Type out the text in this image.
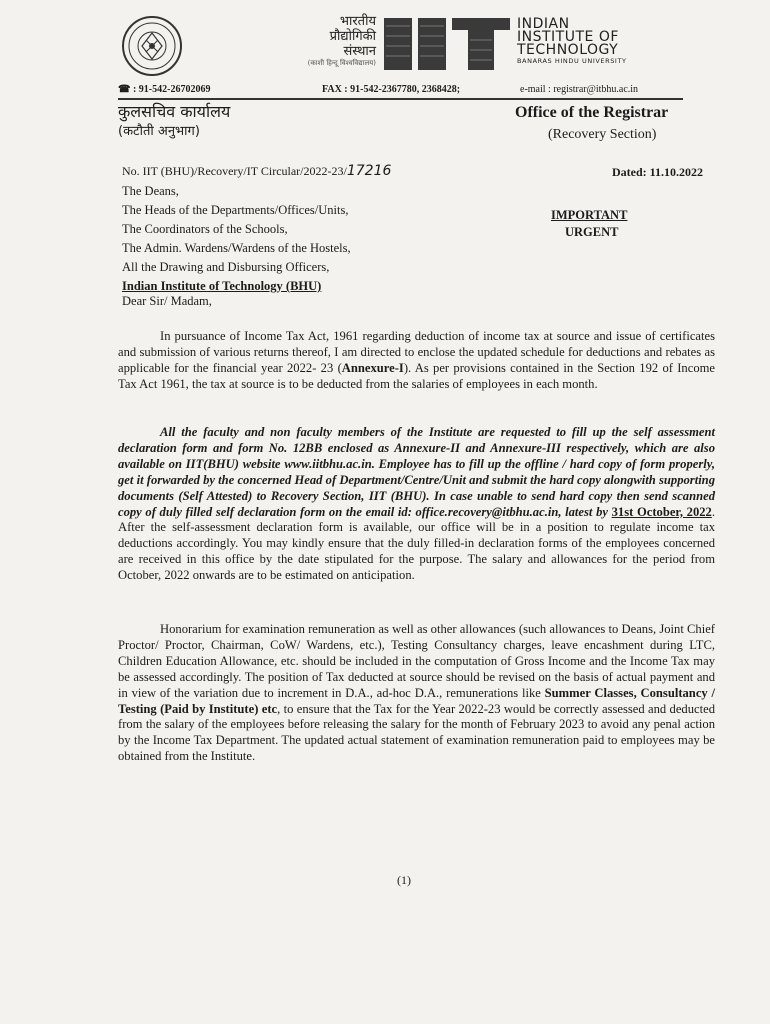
भारतीय
प्रौद्योगिकी
संस्थान
(काशी हिन्दू विश्वविद्यालय)
INDIAN
INSTITUTE OF
TECHNOLOGY
BANARAS HINDU UNIVERSITY
☎ : 91-542-26702069	FAX : 91-542-2367780, 2368428;	e-mail : registrar@itbhu.ac.in
कुलसचिव कार्यालय
(कटौती अनुभाग)
Office of the Registrar
(Recovery Section)
No. IIT (BHU)/Recovery/IT Circular/2022-23/17216	Dated: 11.10.2022
The Deans,
The Heads of the Departments/Offices/Units,
The Coordinators of the Schools,
The Admin. Wardens/Wardens of the Hostels,
All the Drawing and Disbursing Officers,
Indian Institute of Technology (BHU)
IMPORTANT
URGENT
Dear Sir/ Madam,

In pursuance of Income Tax Act, 1961 regarding deduction of income tax at source and issue of certificates and submission of various returns thereof, I am directed to enclose the updated schedule for deductions and rebates as applicable for the financial year 2022- 23 (Annexure-I). As per provisions contained in the Section 192 of Income Tax Act 1961, the tax at source is to be deducted from the salaries of employees in each month.

All the faculty and non faculty members of the Institute are requested to fill up the self assessment declaration form and form No. 12BB enclosed as Annexure-II and Annexure-III respectively, which are also available on IIT(BHU) website www.iitbhu.ac.in. Employee has to fill up the offline / hard copy of form properly, get it forwarded by the concerned Head of Department/Centre/Unit and submit the hard copy alongwith supporting documents (Self Attested) to Recovery Section, IIT (BHU). In case unable to send hard copy then send scanned copy of duly filled self declaration form on the email id: office.recovery@itbhu.ac.in, latest by 31st October, 2022. After the self-assessment declaration form is available, our office will be in a position to regulate income tax deductions accordingly. You may kindly ensure that the duly filled-in declaration forms of the employees concerned are received in this office by the date stipulated for the purpose. The salary and allowances for the period from October, 2022 onwards are to be estimated on anticipation.

Honorarium for examination remuneration as well as other allowances (such allowances to Deans, Joint Chief Proctor/ Proctor, Chairman, CoW/ Wardens, etc.), Testing Consultancy charges, leave encashment during LTC, Children Education Allowance, etc. should be included in the computation of Gross Income and the Income Tax may be assessed accordingly. The position of Tax deducted at source should be revised on the basis of actual payment and in view of the variation due to increment in D.A., ad-hoc D.A., remunerations like Summer Classes, Consultancy / Testing (Paid by Institute) etc, to ensure that the Tax for the Year 2022-23 would be correctly assessed and deducted from the salary of the employees before releasing the salary for the month of February 2023 to avoid any penal action by the Income Tax Department. The updated actual statement of examination remuneration paid to employees may be obtained from the Institute.

(1)
